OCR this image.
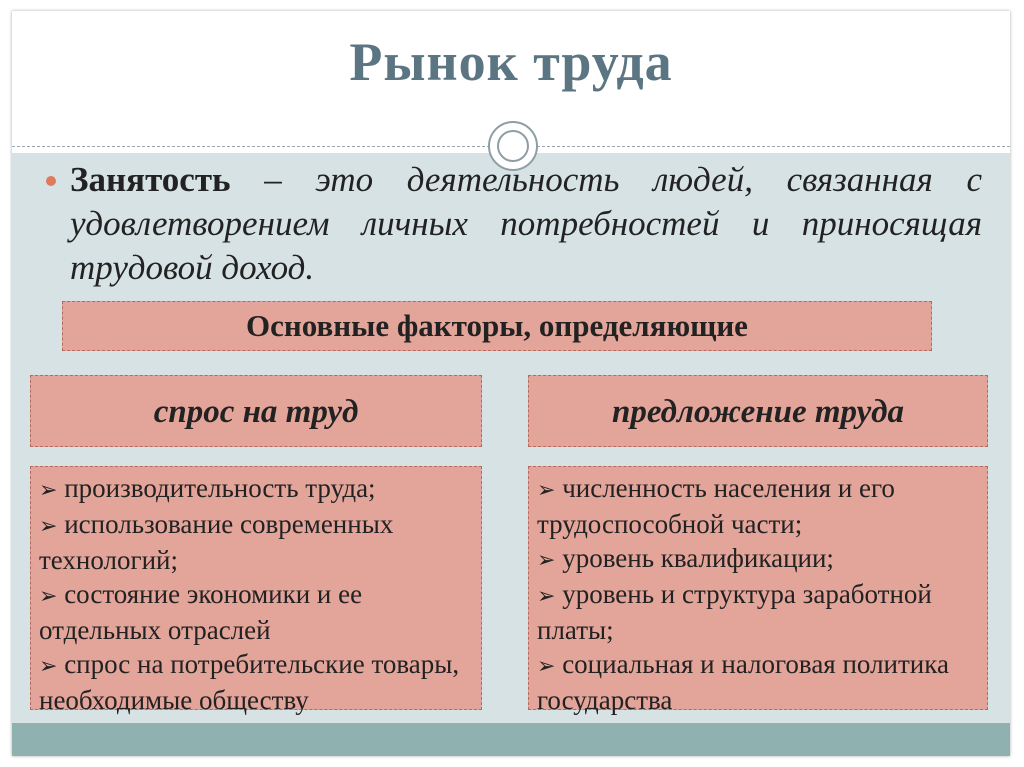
Рынок труда
Занятость – это деятельность людей, связанная с удовлетворением личных потребностей и приносящая трудовой доход.
Основные факторы, определяющие
спрос на труд	предложение труда
➢ производительность труда;
➢ использование современных технологий;
➢ состояние экономики и ее отдельных отраслей
➢ спрос на потребительские товары, необходимые обществу
➢ численность населения и его трудоспособной части;
➢ уровень квалификации;
➢ уровень и структура заработной платы;
➢ социальная и налоговая политика государства
